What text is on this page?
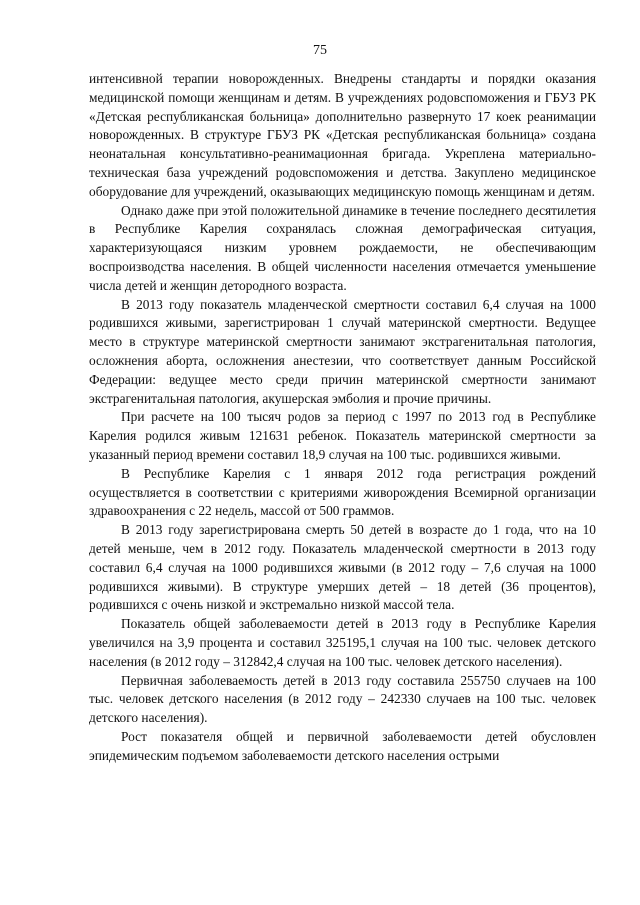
75

интенсивной терапии новорожденных. Внедрены стандарты и порядки оказания медицинской помощи женщинам и детям. В учреждениях родовспоможения и ГБУЗ РК «Детская республиканская больница» дополнительно развернуто 17 коек реанимации новорожденных. В структуре ГБУЗ РК «Детская республиканская больница» создана неонатальная консультативно-реанимационная бригада. Укреплена материально-техническая база учреждений родовспоможения и детства. Закуплено медицинское оборудование для учреждений, оказывающих медицинскую помощь женщинам и детям.

Однако даже при этой положительной динамике в течение последнего десятилетия в Республике Карелия сохранялась сложная демографическая ситуация, характеризующаяся низким уровнем рождаемости, не обеспечивающим воспроизводства населения. В общей численности населения отмечается уменьшение числа детей и женщин детородного возраста.

В 2013 году показатель младенческой смертности составил 6,4 случая на 1000 родившихся живыми, зарегистрирован 1 случай материнской смертности. Ведущее место в структуре материнской смертности занимают экстрагенитальная патология, осложнения аборта, осложнения анестезии, что соответствует данным Российской Федерации: ведущее место среди причин материнской смертности занимают экстрагенитальная патология, акушерская эмболия и прочие причины.

При расчете на 100 тысяч родов за период с 1997 по 2013 год в Республике Карелия родился живым 121631 ребенок. Показатель материнской смертности за указанный период времени составил 18,9 случая на 100 тыс. родившихся живыми.

В Республике Карелия с 1 января 2012 года регистрация рождений осуществляется в соответствии с критериями живорождения Всемирной организации здравоохранения с 22 недель, массой от 500 граммов.

В 2013 году зарегистрирована смерть 50 детей в возрасте до 1 года, что на 10 детей меньше, чем в 2012 году. Показатель младенческой смертности в 2013 году составил 6,4 случая на 1000 родившихся живыми (в 2012 году – 7,6 случая на 1000 родившихся живыми). В структуре умерших детей – 18 детей (36 процентов), родившихся с очень низкой и экстремально низкой массой тела.

Показатель общей заболеваемости детей в 2013 году в Республике Карелия увеличился на 3,9 процента и составил 325195,1 случая на 100 тыс. человек детского населения (в 2012 году – 312842,4 случая на 100 тыс. человек детского населения).

Первичная заболеваемость детей в 2013 году составила 255750 случаев на 100 тыс. человек детского населения (в 2012 году – 242330 случаев на 100 тыс. человек детского населения).

Рост показателя общей и первичной заболеваемости детей обусловлен эпидемическим подъемом заболеваемости детского населения острыми
